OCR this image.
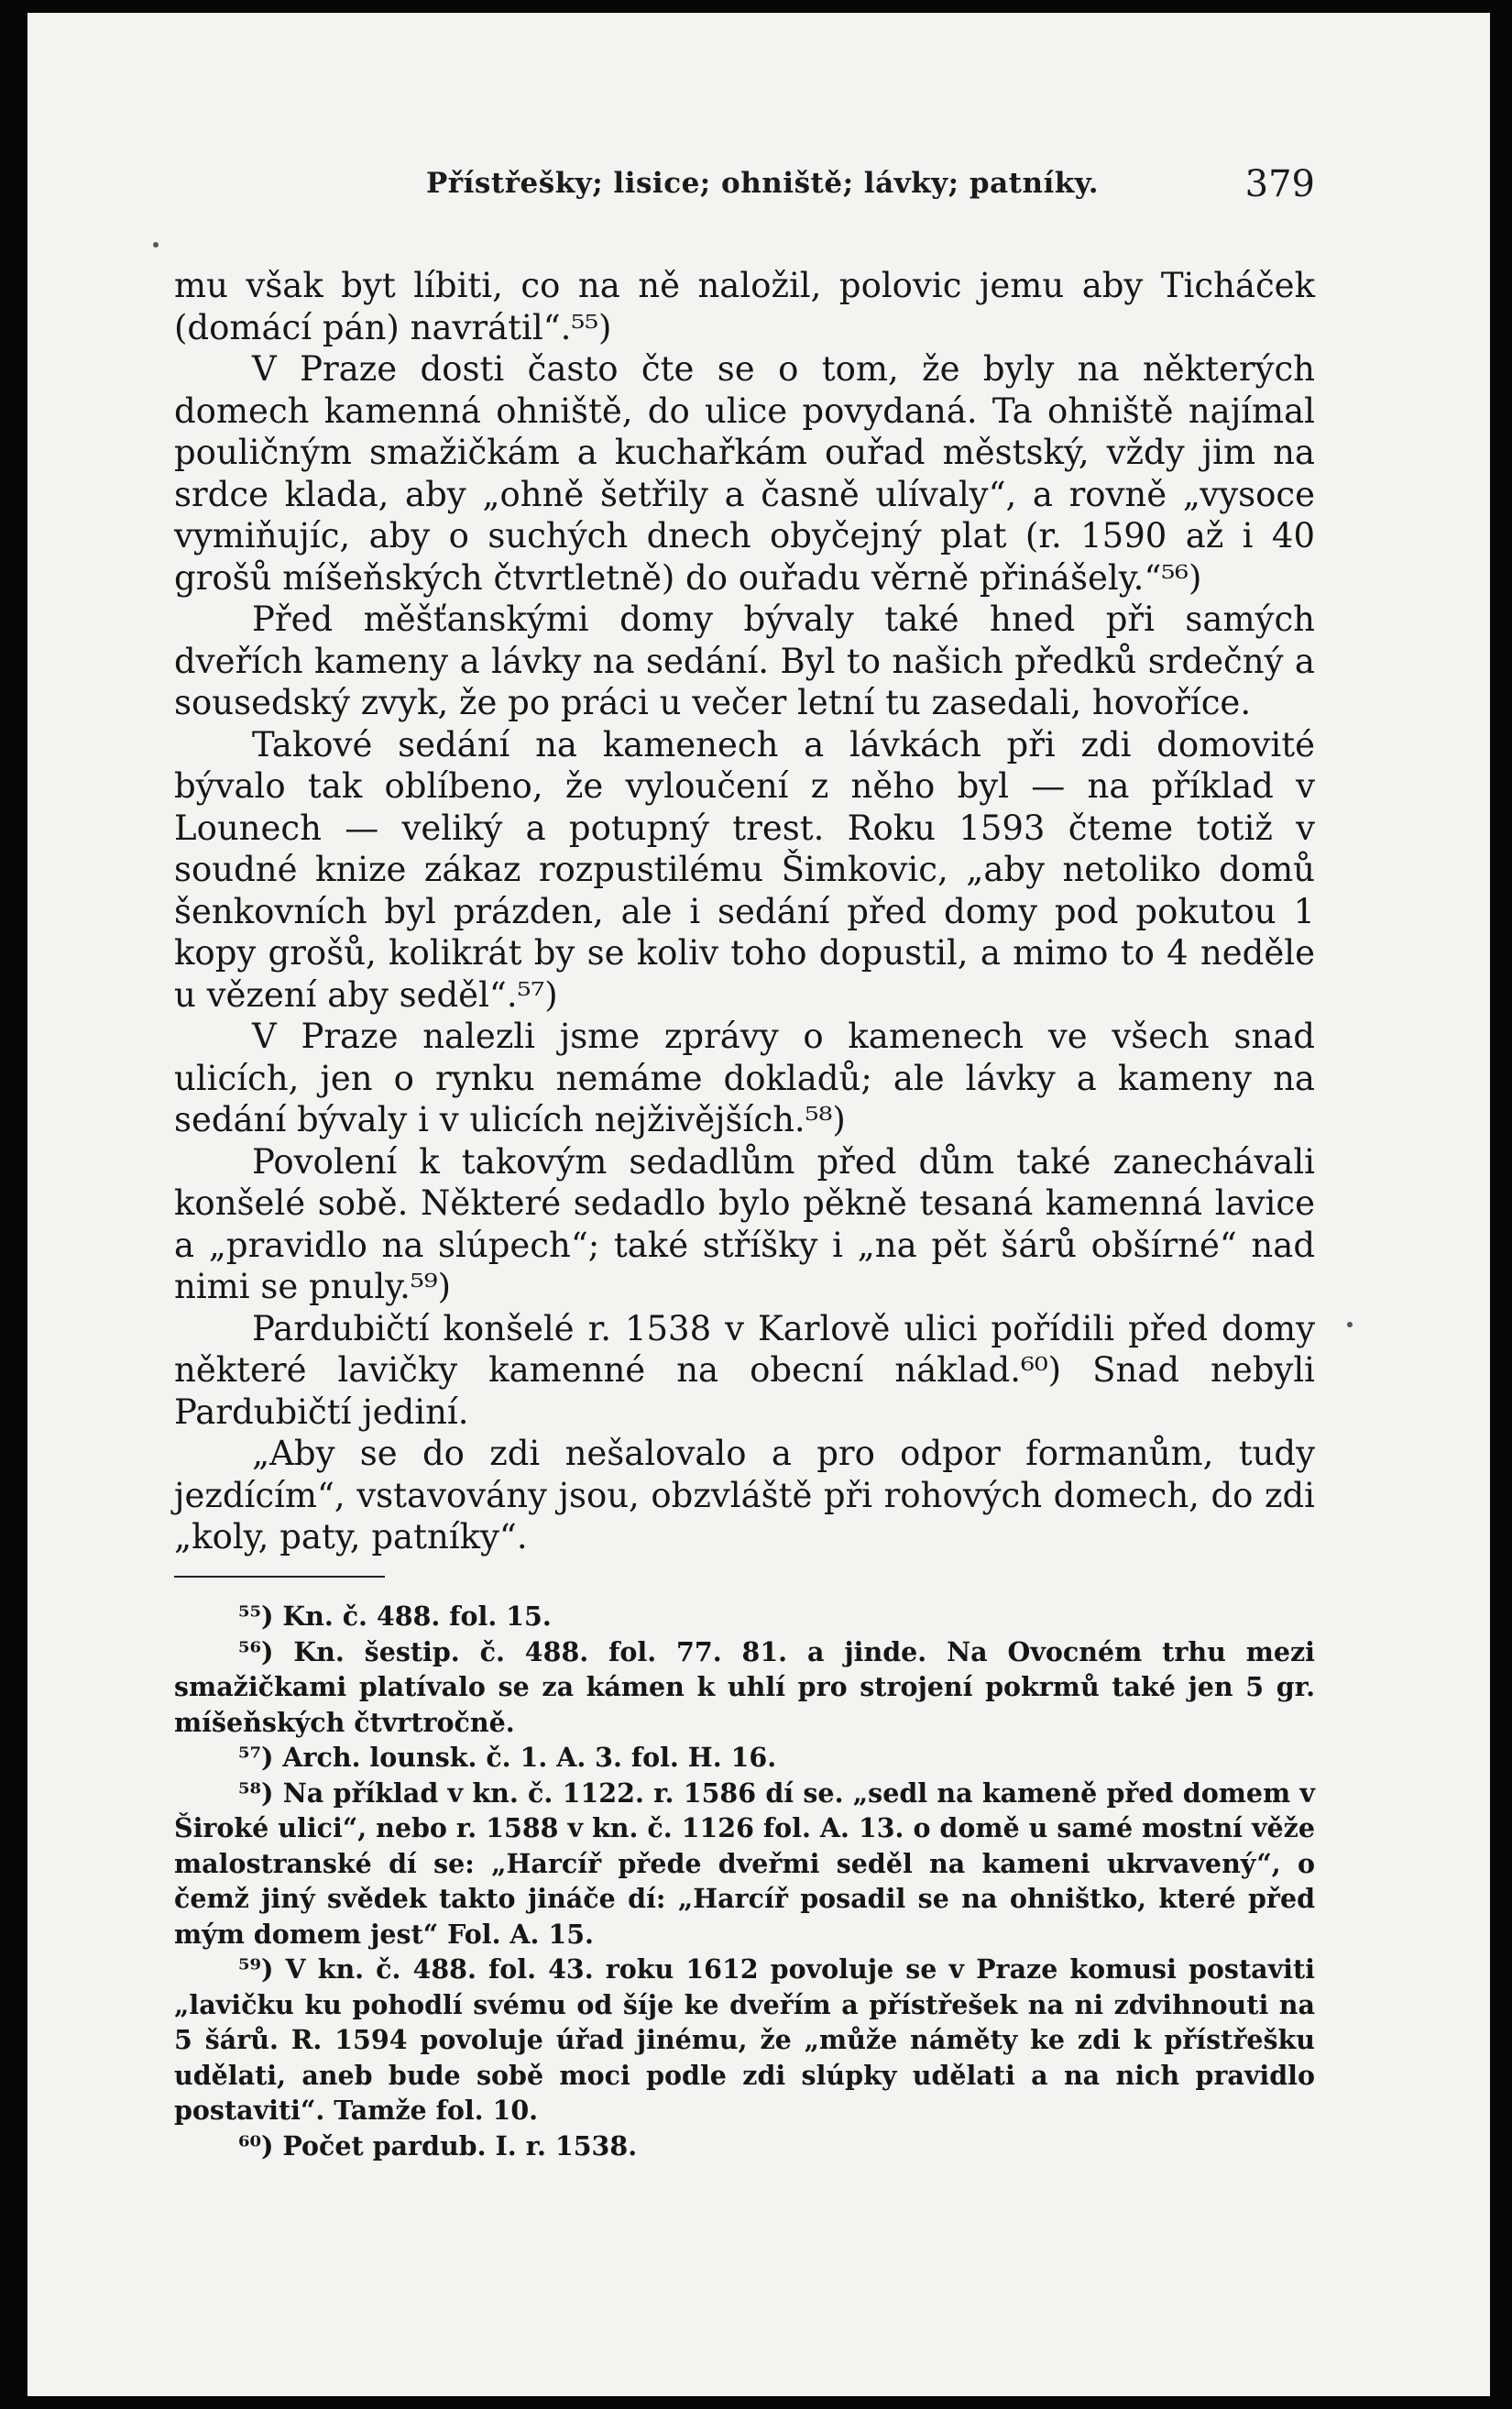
Přístřešky; lisice; ohniště; lávky; patníky.	379

mu však byt líbiti, co na ně naložil, polovic jemu aby Ticháček (domácí pán) navrátil“.⁵⁵)

V Praze dosti často čte se o tom, že byly na některých domech kamenná ohniště, do ulice povydaná. Ta ohniště najímal pouličným smažičkám a kuchařkám ouřad městský, vždy jim na srdce klada, aby „ohně šetřily a časně ulívaly“, a rovně „vysoce vymiňujíc, aby o suchých dnech obyčejný plat (r. 1590 až i 40 grošů míšeňských čtvrtletně) do ouřadu věrně přinášely.“⁵⁶)

Před měšťanskými domy bývaly také hned při samých dveřích kameny a lávky na sedání. Byl to našich předků srdečný a sousedský zvyk, že po práci u večer letní tu zasedali, hovoříce.

Takové sedání na kamenech a lávkách při zdi domovité bývalo tak oblíbeno, že vyloučení z něho byl — na příklad v Lounech — veliký a potupný trest. Roku 1593 čteme totiž v soudné knize zákaz rozpustilému Šimkovic, „aby netoliko domů šenkovních byl prázden, ale i sedání před domy pod pokutou 1 kopy grošů, kolikrát by se koliv toho dopustil, a mimo to 4 neděle u vězení aby seděl“.⁵⁷)

V Praze nalezli jsme zprávy o kamenech ve všech snad ulicích, jen o rynku nemáme dokladů; ale lávky a kameny na sedání bývaly i v ulicích nejživějších.⁵⁸)

Povolení k takovým sedadlům před dům také zanechávali konšelé sobě. Některé sedadlo bylo pěkně tesaná kamenná lavice a „pravidlo na slúpech“; také stříšky i „na pět šárů obšírné“ nad nimi se pnuly.⁵⁹)

Pardubičtí konšelé r. 1538 v Karlově ulici pořídili před domy některé lavičky kamenné na obecní náklad.⁶⁰) Snad nebyli Pardubičtí jediní.

„Aby se do zdi nešalovalo a pro odpor formanům, tudy jezdícím“, vstavovány jsou, obzvláště při rohových domech, do zdi „koly, paty, patníky“.

⁵⁵) Kn. č. 488. fol. 15.
⁵⁶) Kn. šestip. č. 488. fol. 77. 81. a jinde. Na Ovocném trhu mezi smažičkami platívalo se za kámen k uhlí pro strojení pokrmů také jen 5 gr. míšeňských čtvrtročně.
⁵⁷) Arch. lounsk. č. 1. A. 3. fol. H. 16.
⁵⁸) Na příklad v kn. č. 1122. r. 1586 dí se. „sedl na kameně před domem v Široké ulici“, nebo r. 1588 v kn. č. 1126 fol. A. 13. o domě u samé mostní věže malostranské dí se: „Harcíř přede dveřmi seděl na kameni ukrvavený“, o čemž jiný svědek takto jináče dí: „Harcíř posadil se na ohništko, které před mým domem jest“ Fol. A. 15.
⁵⁹) V kn. č. 488. fol. 43. roku 1612 povoluje se v Praze komusi postaviti „lavičku ku pohodlí svému od šíje ke dveřím a přístřešek na ni zdvihnouti na 5 šárů. R. 1594 povoluje úřad jinému, že „může náměty ke zdi k přístřešku udělati, aneb bude sobě moci podle zdi slúpky udělati a na nich pravidlo postaviti“. Tamže fol. 10.
⁶⁰) Počet pardub. I. r. 1538.
